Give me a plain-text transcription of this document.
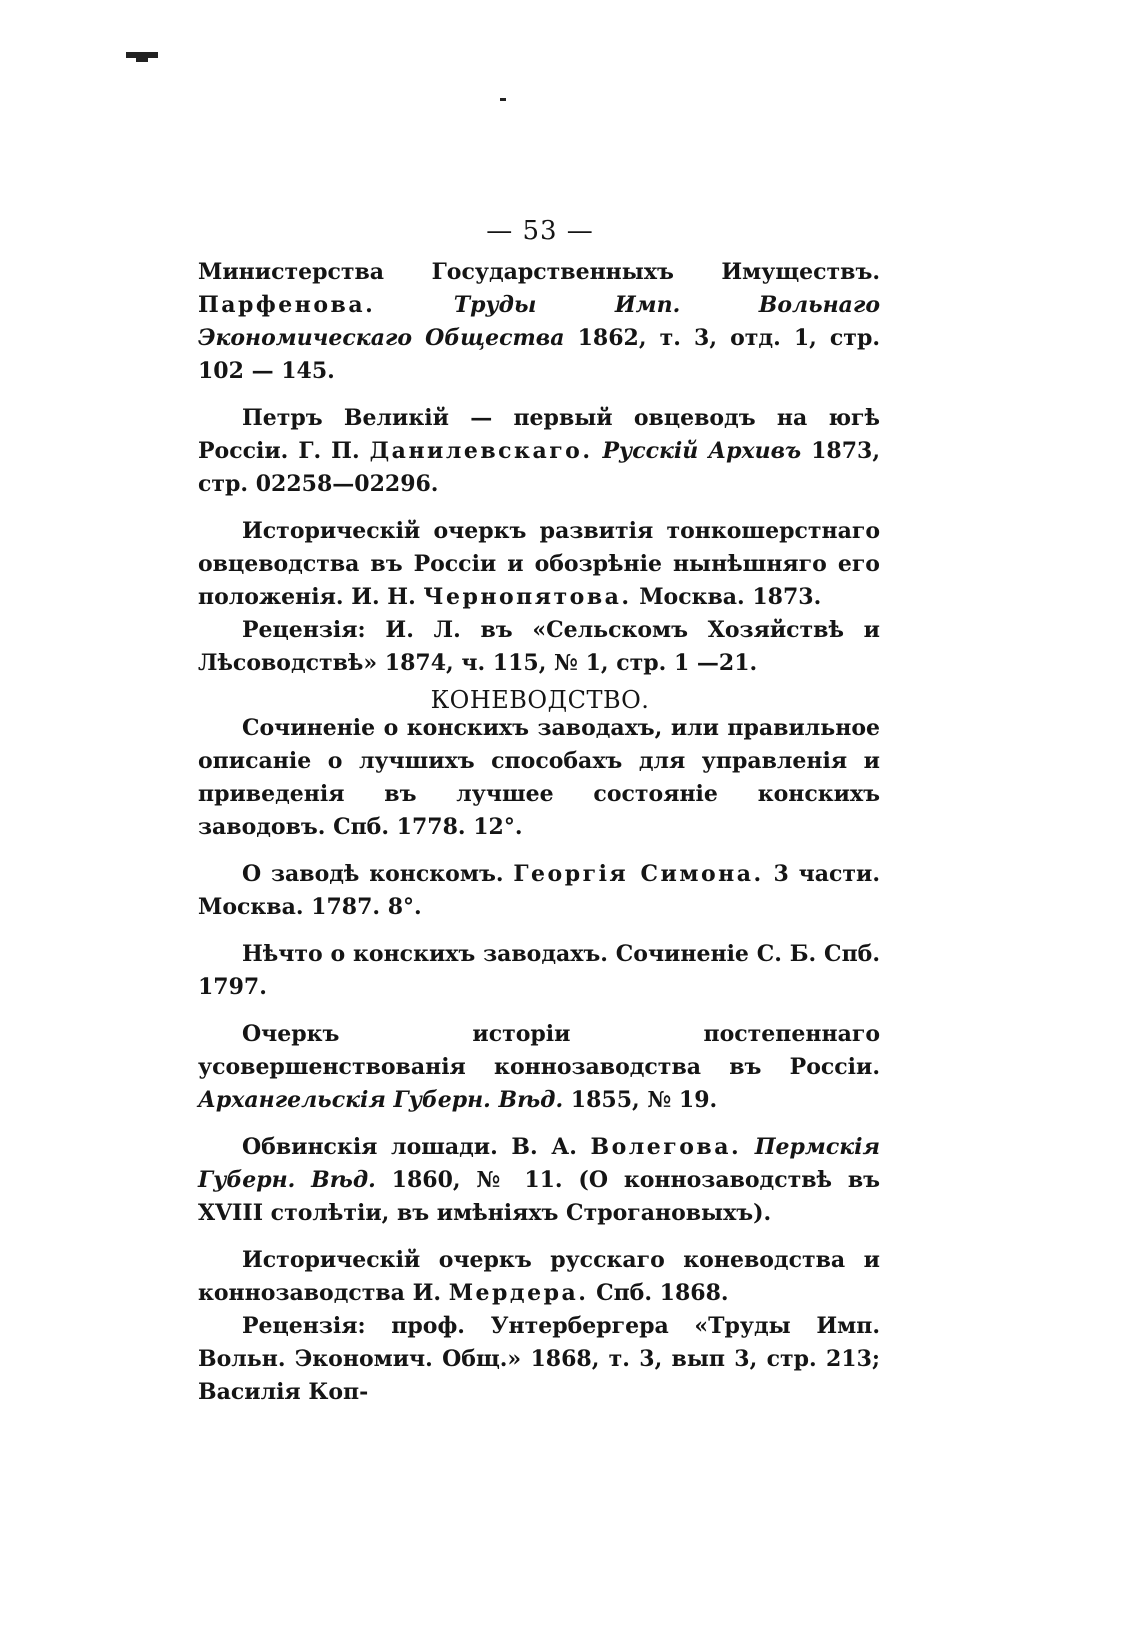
— 53 —

Министерства Государственныхъ Имуществъ. Парфенова.	Труды Имп. Вольнаго Экономическаго Общества 1862, т. 3, отд. 1, стр. 102 — 145.

Петръ Великій — первый овцеводъ на югѣ Россіи. Г. П. Данилевскаго. Русскій Архивъ 1873, стр. 02258—02296.

Историческій очеркъ развитія тонкошерстнаго овцеводства въ Россіи и обозрѣніе нынѣшняго его положенія. И. Н. Чернопятова. Москва. 1873.

Рецензія: И. Л. въ «Сельскомъ Хозяйствѣ и Лѣсоводствѣ» 1874, ч. 115, № 1, стр. 1 —21.

КОНЕВОДСТВО.

Сочиненіе о конскихъ заводахъ, или правильное описаніе о лучшихъ способахъ для управленія и приведенія въ лучшее состояніе конскихъ заводовъ. Спб. 1778. 12°.

О заводѣ конскомъ. Георгія Симона. 3 части. Москва. 1787. 8°.

Нѣчто о конскихъ заводахъ. Сочиненіе С. Б. Спб. 1797.

Очеркъ исторіи постепеннаго усовершенствованія коннозаводства въ Россіи. Архангельскія Губерн. Вѣд. 1855, № 19.

Обвинскія лошади. В. А. Волегова. Пермскія Губерн. Вѣд. 1860, № 11. (О коннозаводствѣ въ XVIII столѣтіи, въ имѣніяхъ Строгановыхъ).

Историческій очеркъ русскаго коневодства и коннозаводства И. Мердера. Спб. 1868.

Рецензія: проф. Унтербергера «Труды Имп. Вольн. Экономич. Общ.» 1868, т. 3, вып 3, стр. 213; Василія Коп-
